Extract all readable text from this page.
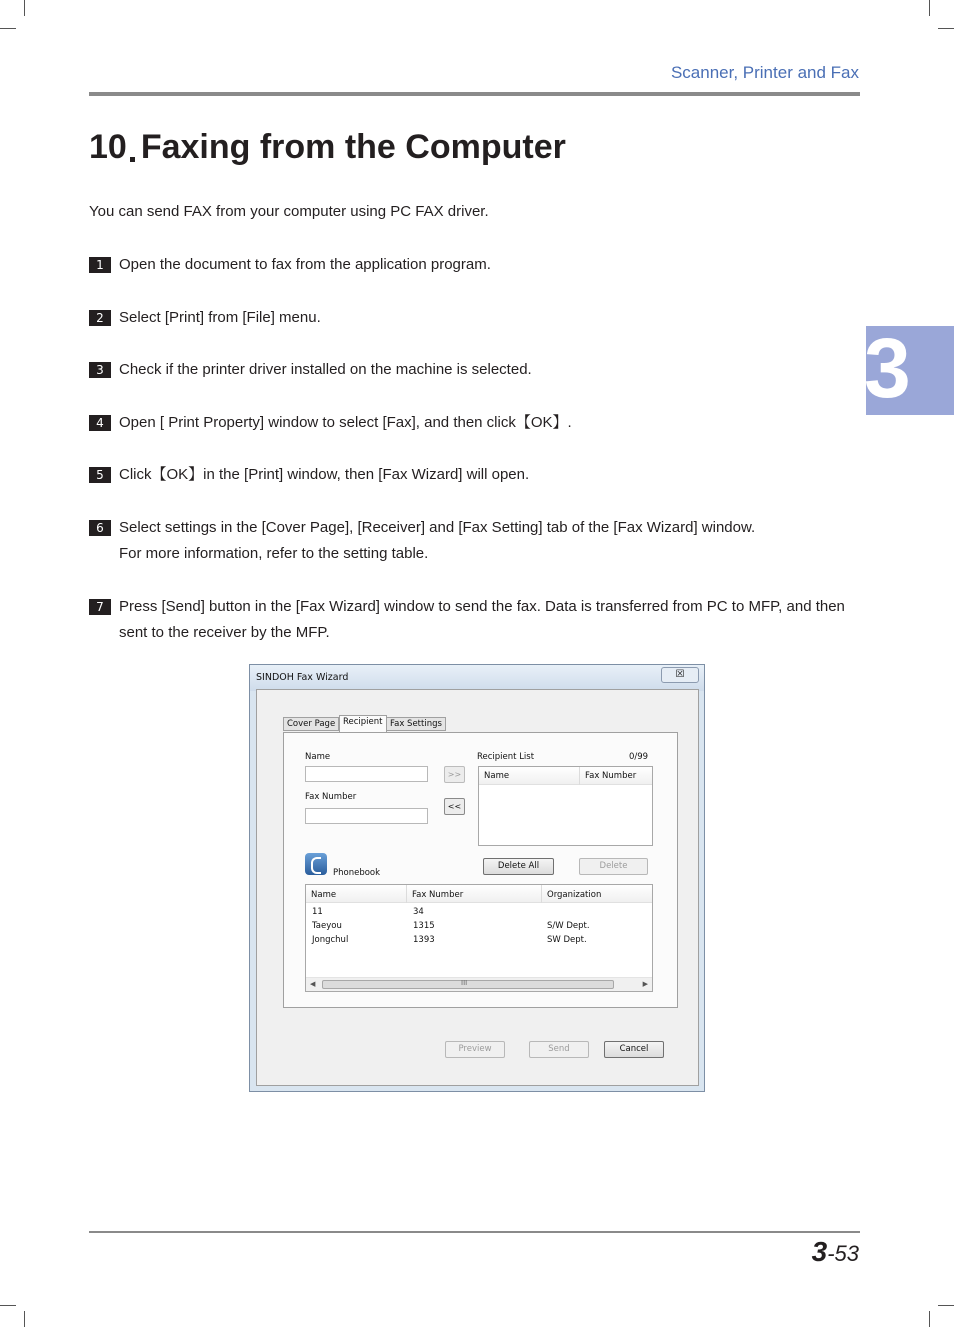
Scanner, Printer and Fax
3
10 Faxing from the Computer

You can send FAX from your computer using PC FAX driver.

1	Open the document to fax from the application program.
2	Select [Print] from [File] menu.
3	Check if the printer driver installed on the machine is selected.
4	Open [ Print Property] window to select [Fax], and then click【OK】.
5	Click【OK】in the [Print] window, then [Fax Wizard] will open.
6	Select settings in the [Cover Page], [Receiver] and [Fax Setting] tab of the [Fax Wizard] window.
For more information, refer to the setting table.
7	Press [Send] button in the [Fax Wizard] window to send the fax. Data is transferred from PC to MFP, and then sent to the receiver by the MFP.
SINDOH Fax Wizard	☒
Cover Page Recipient Fax Settings
Name
Fax Number
>>
<<
Recipient List	0/99
Name	Fax Number
Phonebook
Delete All	Delete
Name	Fax Number	Organization
11	34
Taeyou	1315	S/W Dept.
Jongchul	1393	SW Dept.
◀	III	▶
Preview	Send	Cancel
3-53
